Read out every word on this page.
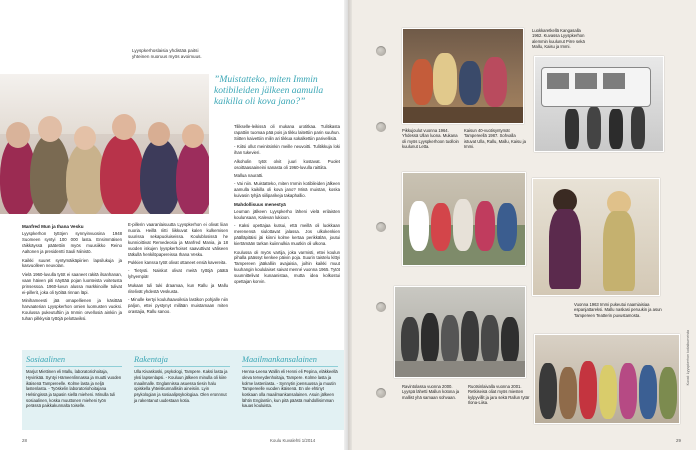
Lyyspkerhoslaisia yhdistää paitsi yhteinen nuoruus myös avoimuus.
”Muistatteko, miten Immin kotibileiden jälkeen aamulla kaikilla oli kova jano?”
Manfred Mun ja Ihana Vesku

Lyyspkerhon tyttöjen synnyinvuosina 1948 Suomeen syntyi 100 000 lasta. Ensimmäisen räikkäyssä päätettiin myös muusiikko Reino Aaltonen ja presidentti Sauli Niinistö.

Kaikki suuret syntymäikäpiirien lapsilukuja ja kasvuolleen neuvolan.

Vielä 1960-luvulla tytöt ei saaneet rakitä ilsanhanan, vaan häiven piti näyttää pojan luonteista voitetusta prinsessoa. 1960-luvun alussa markkinoille tulivat ei-pillerit, joka oli työlää rinnan läpi.

Minihameesti jää omapellienen ja käsittää harvaaterian Lyyspkerhon omien luomusten vuoksi. Koulussa pukeutuftiin ja Immin orvellosiä ainkiin ja tuhan pilkkysiä tyttöjä pelottaviksi.

E-pillerin vaaranlaisuutta Lyyspkerhon ei olivat liian nuoria. Heillä riitti liikkuvat kalen kulkemisen suurissa sekapuoluiseissa. Koulublosissä he kunnioittivat Remedeosia ja Manfred Mania, ja 18 vuoden iskujen lyyspkerhoiset saavuttivat väliseen tätkullä henkilöpapereissa Ihana Vesku.

Pukkien kanssa tytöt olivat ottaneet ensiä kavereita.

- Tietysti. Naiskot olivat meitä tyttöjä päätä lyhyempiä!

Mukaan tuli tuki draamaa, kun Rallu ja Mallu riitelivät yhdestä Veskusta.

- Minulle kertyi kouluhaavoiksia lastikon pohjalle niin paljon, ettei pystynyt millään muistamaan miten orastajia, Rallu sanoo.

Tilikselle-leikissä oli mukana urotitkaa. Tulitikasta rapattiin tuomaa pää pois ja tikku laitettiin parin suuhun. Siitten kaivettiin milin ari tikkua sokalkettiin parivellisiä.

- Kiitsi ollut meinitsinkin meille neuvoitti. Tulitikkuja loki ihan tukevieri.

Alkoholin tytöt olvit juuri kostavat. Puolet osoittaasaaineini sanasta oli 1960-luvulla raittiita.

Mallua nauratti.

- Vai niin. Muistatteko, miten Immin kotibileiden jälkeen aamulla kaikilla oli kova jano? Minä muistan, koska kuivasin tyhjiä siiliparikeja takaphallio.

Mahdollisuus menestyä

Leuman jälkeen Lyyspkerho läheni vielä erilaisten koulunsaan, Kalevan lukioon.

- Kaksi opettajaa kutsui, että meillä oli luokkaan merenensä siulottavat jalassa. Jos ulkokenkien päälläpitäisi jäi kiinni kolme kertaa perikkälän, joutui kiertämään tarkan kuiinnulkia muutkin oli ulkona.

Koulussa oli myös vartija, joka varmisti, ettei koulun pihalla päässyt kenkee päivin poja. Suurin taistelu kittyi Tampereen jääkalliin avajaisia, joihin kaikki muut kuuhangin koululaiset saivat menné vuonna 1965. Tytöt suunnittelivat kunaanistaa, mutta idea kolkostui opettajan korvin.

Sosiaalinen
Marjut Miettinen eli Mallu, laboratoriohoitaja, Hyvinkää. Syntyi Hämeenlinnassa ja muutti vuoden ikäisenä Tampereelle. Kolme lasta ja neljä lastenlasta. - Työskelin laboratoriohoitajana Helsingissä ja tapasin siellä mieheni. Minulla tuli sosiaalinen, koska muuttonen mieheni työn perässä paikkakunnalta toiselle.
Rakentaja
Ulla Kivaskoski, psykologi, Tampere. Kaksi lasta ja yksi lapsenlapsi. - Kouluun jälkeen minulla oli kiire maailmalle. Englannissa asuessa tiesin halu opiskella yhteiskunnallisiin aineisiin. Lyin psykologian ja sosiaalipsykologiaa. Olen eronnnut ja rakentanut uudestaan kotia.
Maailmankansalainen
Henna-Leena Wallin eli Henni eli Pepina, eläkkeellä oleva terveydenhoitaja, Tampere. Kolme lasta ja kolme lastenlasta. - Synnytin joensuussa ja muutin Tampereelle vuoden ikäisenä. En ole ehtinyt koskaan olla maailmankansalainen. Asuin jälkeen lähtin Englantiin, kun pitä päästä mahdollisimman kauas kouluista.
28	Koulu Kuvalehti 1/2014
Luokkaretkellä Kangasalla 1962. Kuvassa Lyyspkerhon alemmin kuulunut Pirre sekä Mallu, Kaisu ja Immi.
Pikkujoulut vuonna 1964. Yhdessä Ullan luona. Mukana oli myös Lyyspkerhoon tuolloin kuulunut Letta.
Kaisun 40-vuotisyntymät Tampereellä 1987. Sohvalla istuvat Ulla, Rallu, Mallu, Kaisu ja Immi.
Vuonna 1963 Immi pukeutui naamiaisiaa espanjattareksi. Mallu naskasi peruukin ja asun Tampereen Teatterin puvustamosta.
Ravintolassa vuonna 2000. Lyyspä lähetti Mallun kotona ja mallist yhä samaan sohvaan.
Ruotsinlaivalla vuonna 2001. Retkiseisä oliat myös miesten kylpyvillit ja jara sekä Rallun tytär Ilona-Liisa.
Kuvat: Lyyspkerhon kotialbumeista
29
